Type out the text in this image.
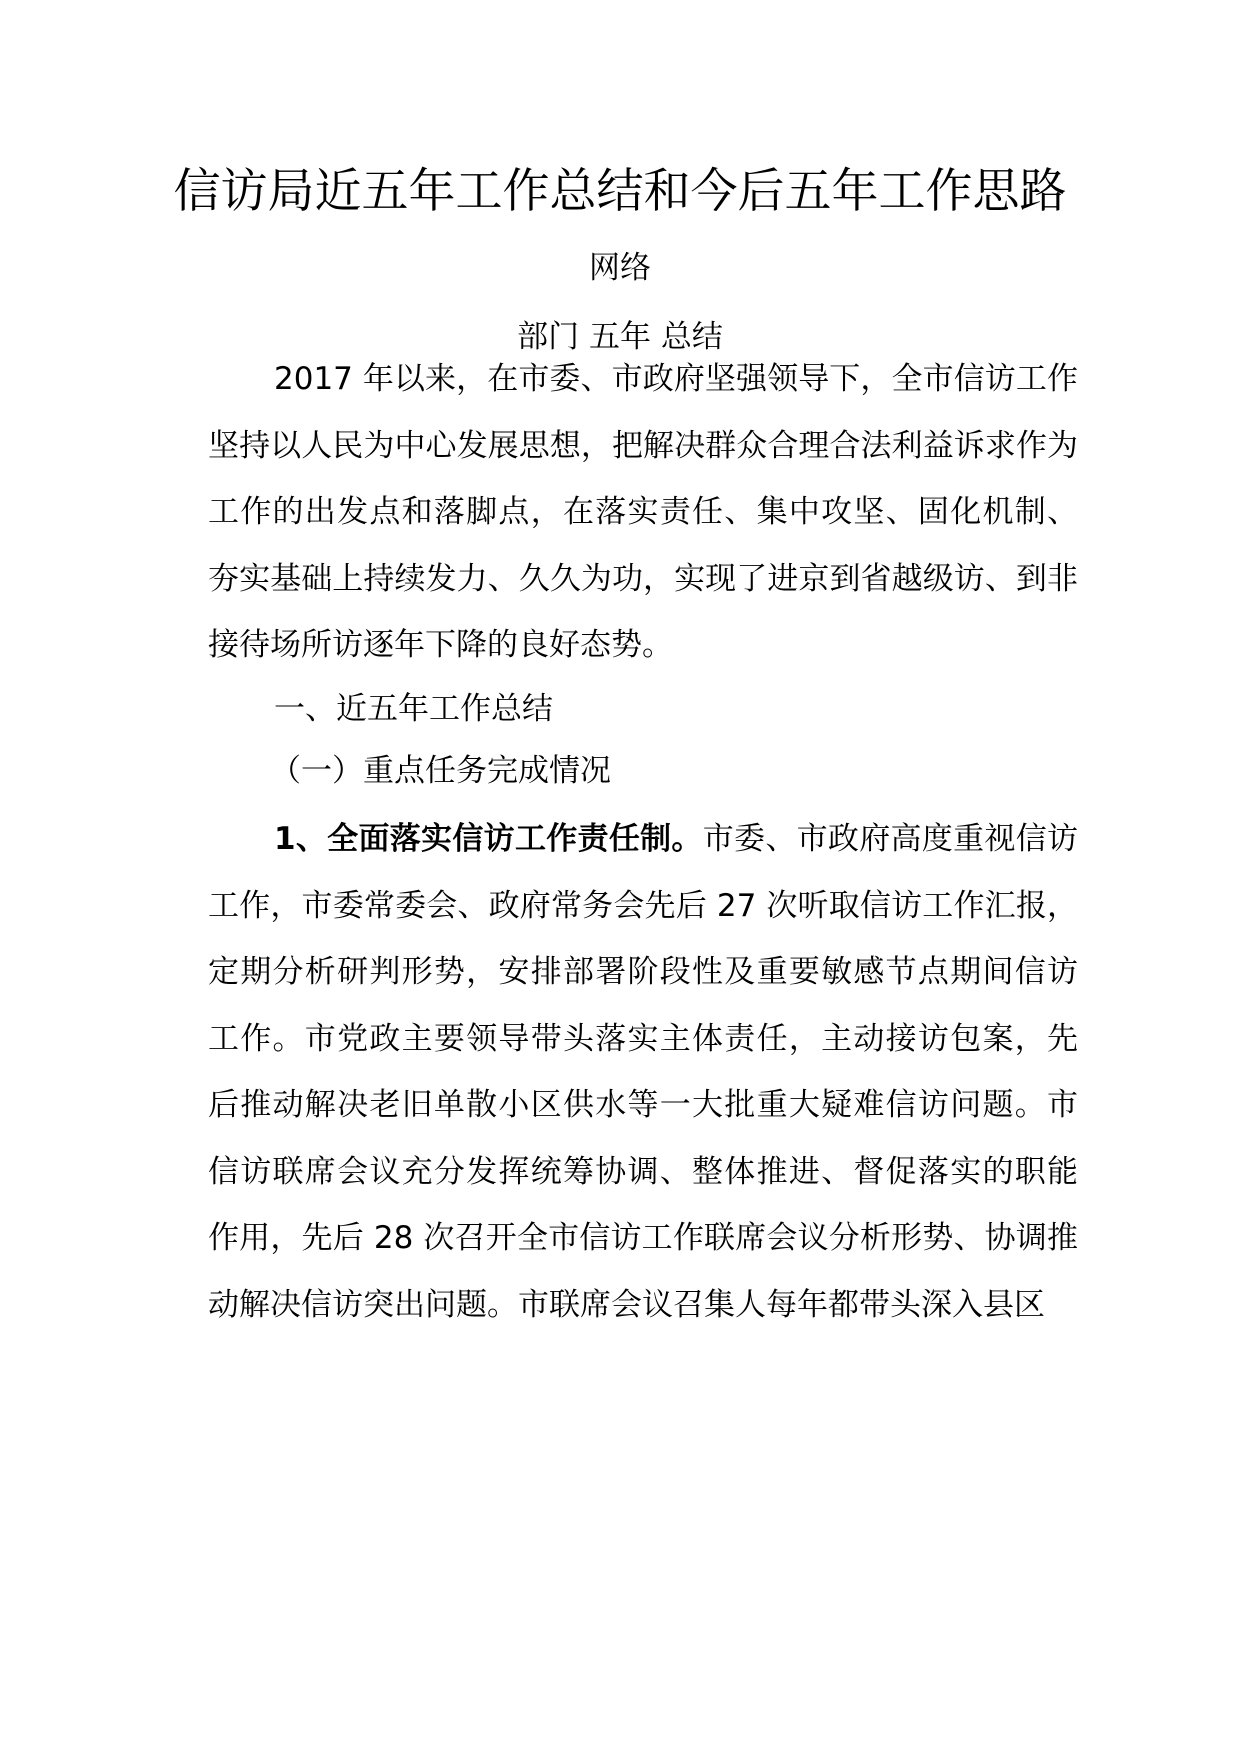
信访局近五年工作总结和今后五年工作思路
网络
部门 五年 总结
2017 年以来，在市委、市政府坚强领导下，全市信访工作坚持以人民为中心发展思想，把解决群众合理合法利益诉求作为工作的出发点和落脚点，在落实责任、集中攻坚、固化机制、 夯实基础上持续发力、久久为功，实现了进京到省越级访、到非 接待场所访逐年下降的良好态势。
一、近五年工作总结
（一）重点任务完成情况
1、全面落实信访工作责任制。市委、市政府高度重视信访工作，市委常委会、政府常务会先后 27 次听取信访工作汇报， 定期分析研判形势，安排部署阶段性及重要敏感节点期间信访 工作。市党政主要领导带头落实主体责任，主动接访包案，先 后推动解决老旧单散小区供水等一大批重大疑难信访问题。市 信访联席会议充分发挥统筹协调、整体推进、督促落实的职能 作用，先后 28 次召开全市信访工作联席会议分析形势、协调推动解决信访突出问题。市联席会议召集人每年都带头深入县区
